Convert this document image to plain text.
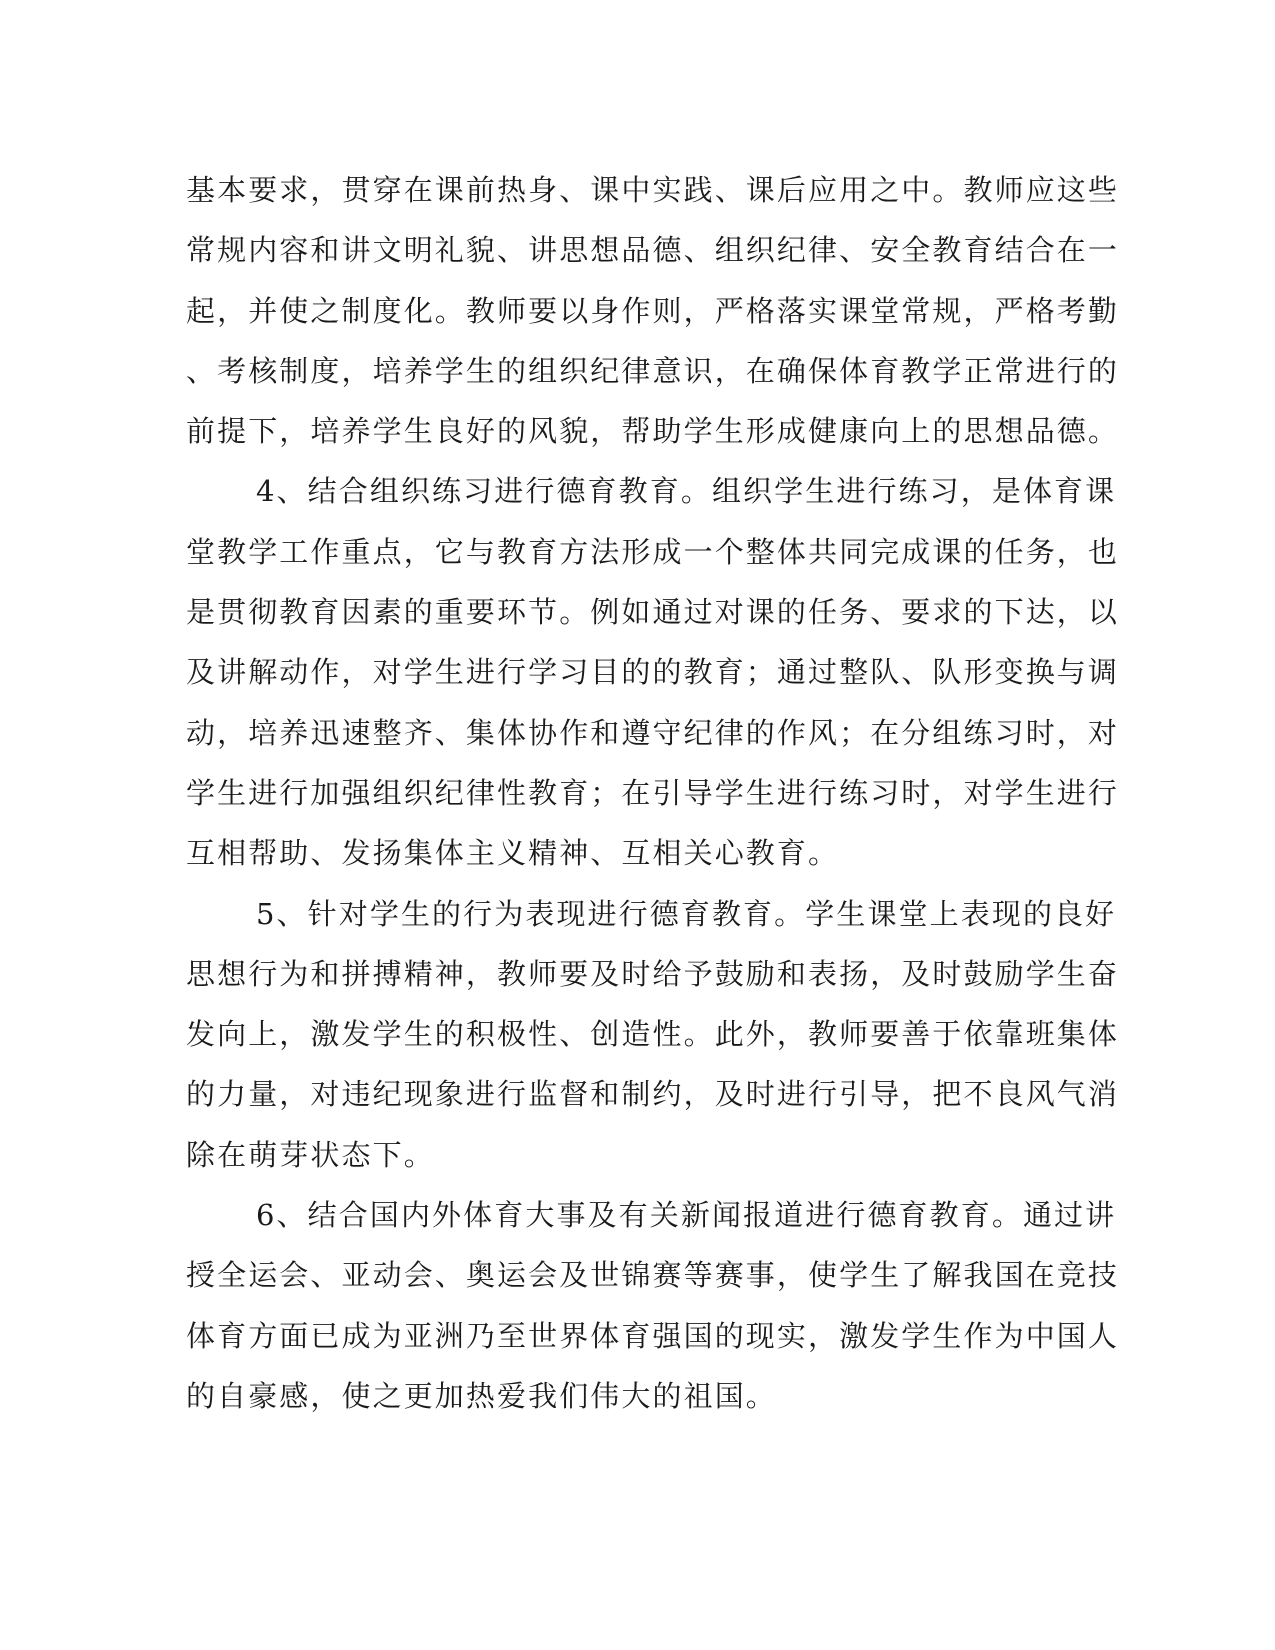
基本要求，贯穿在课前热身、课中实践、课后应用之中。教师应这些
常规内容和讲文明礼貌、讲思想品德、组织纪律、安全教育结合在一
起，并使之制度化。教师要以身作则，严格落实课堂常规，严格考勤
、考核制度，培养学生的组织纪律意识，在确保体育教学正常进行的
前提下，培养学生良好的风貌，帮助学生形成健康向上的思想品德。
4、结合组织练习进行德育教育。组织学生进行练习，是体育课
堂教学工作重点，它与教育方法形成一个整体共同完成课的任务，也
是贯彻教育因素的重要环节。例如通过对课的任务、要求的下达，以
及讲解动作，对学生进行学习目的的教育；通过整队、队形变换与调
动，培养迅速整齐、集体协作和遵守纪律的作风；在分组练习时，对
学生进行加强组织纪律性教育；在引导学生进行练习时，对学生进行
互相帮助、发扬集体主义精神、互相关心教育。
5、针对学生的行为表现进行德育教育。学生课堂上表现的良好
思想行为和拼搏精神，教师要及时给予鼓励和表扬，及时鼓励学生奋
发向上，激发学生的积极性、创造性。此外，教师要善于依靠班集体
的力量，对违纪现象进行监督和制约，及时进行引导，把不良风气消
除在萌芽状态下。
6、结合国内外体育大事及有关新闻报道进行德育教育。通过讲
授全运会、亚动会、奥运会及世锦赛等赛事，使学生了解我国在竞技
体育方面已成为亚洲乃至世界体育强国的现实，激发学生作为中国人
的自豪感，使之更加热爱我们伟大的祖国。
